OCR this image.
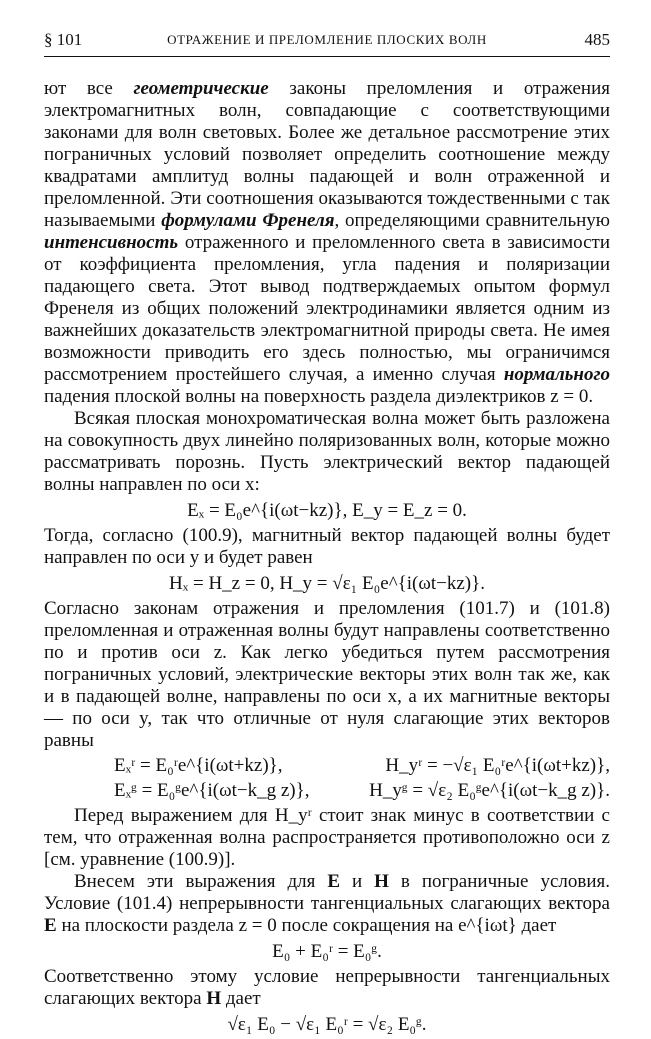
§ 101	ОТРАЖЕНИЕ И ПРЕЛОМЛЕНИЕ ПЛОСКИХ ВОЛН	485

ют все геометрические законы преломления и отражения электромагнитных волн, совпадающие с соответствующими законами для волн световых. Более же детальное рассмотрение этих пограничных условий позволяет определить соотношение между квадратами амплитуд волны падающей и волн отраженной и преломленной. Эти соотношения оказываются тождественными с так называемыми формулами Френеля, определяющими сравнительную интенсивность отраженного и преломленного света в зависимости от коэффициента преломления, угла падения и поляризации падающего света. Этот вывод подтверждаемых опытом формул Френеля из общих положений электродинамики является одним из важнейших доказательств электромагнитной природы света. Не имея возможности приводить его здесь полностью, мы ограничимся рассмотрением простейшего случая, а именно случая нормального падения плоской волны на поверхность раздела диэлектриков z = 0.

Всякая плоская монохроматическая волна может быть разложена на совокупность двух линейно поляризованных волн, которые можно рассматривать порознь. Пусть электрический вектор падающей волны направлен по оси x:

Eₓ = E₀e^{i(ωt−kz)}, E_y = E_z = 0.

Тогда, согласно (100.9), магнитный вектор падающей волны будет направлен по оси y и будет равен

Hₓ = H_z = 0, H_y = √ε₁ E₀e^{i(ωt−kz)}.

Согласно законам отражения и преломления (101.7) и (101.8) преломленная и отраженная волны будут направлены соответственно по и против оси z. Как легко убедиться путем рассмотрения пограничных условий, электрические векторы этих волн так же, как и в падающей волне, направлены по оси x, а их магнитные векторы — по оси y, так что отличные от нуля слагающие этих векторов равны

Eₓʳ = E₀ʳe^{i(ωt+kz)},	H_yʳ = −√ε₁ E₀ʳe^{i(ωt+kz)},
Eₓᵍ = E₀ᵍe^{i(ωt−k_g z)},	H_yᵍ = √ε₂ E₀ᵍe^{i(ωt−k_g z)}.

Перед выражением для H_yʳ стоит знак минус в соответствии с тем, что отраженная волна распространяется противоположно оси z [см. уравнение (100.9)].

Внесем эти выражения для E и H в пограничные условия. Условие (101.4) непрерывности тангенциальных слагающих вектора E на плоскости раздела z = 0 после сокращения на e^{iωt} дает

E₀ + E₀ʳ = E₀ᵍ.

Соответственно этому условие непрерывности тангенциальных слагающих вектора H дает

√ε₁ E₀ − √ε₁ E₀ʳ = √ε₂ E₀ᵍ.
